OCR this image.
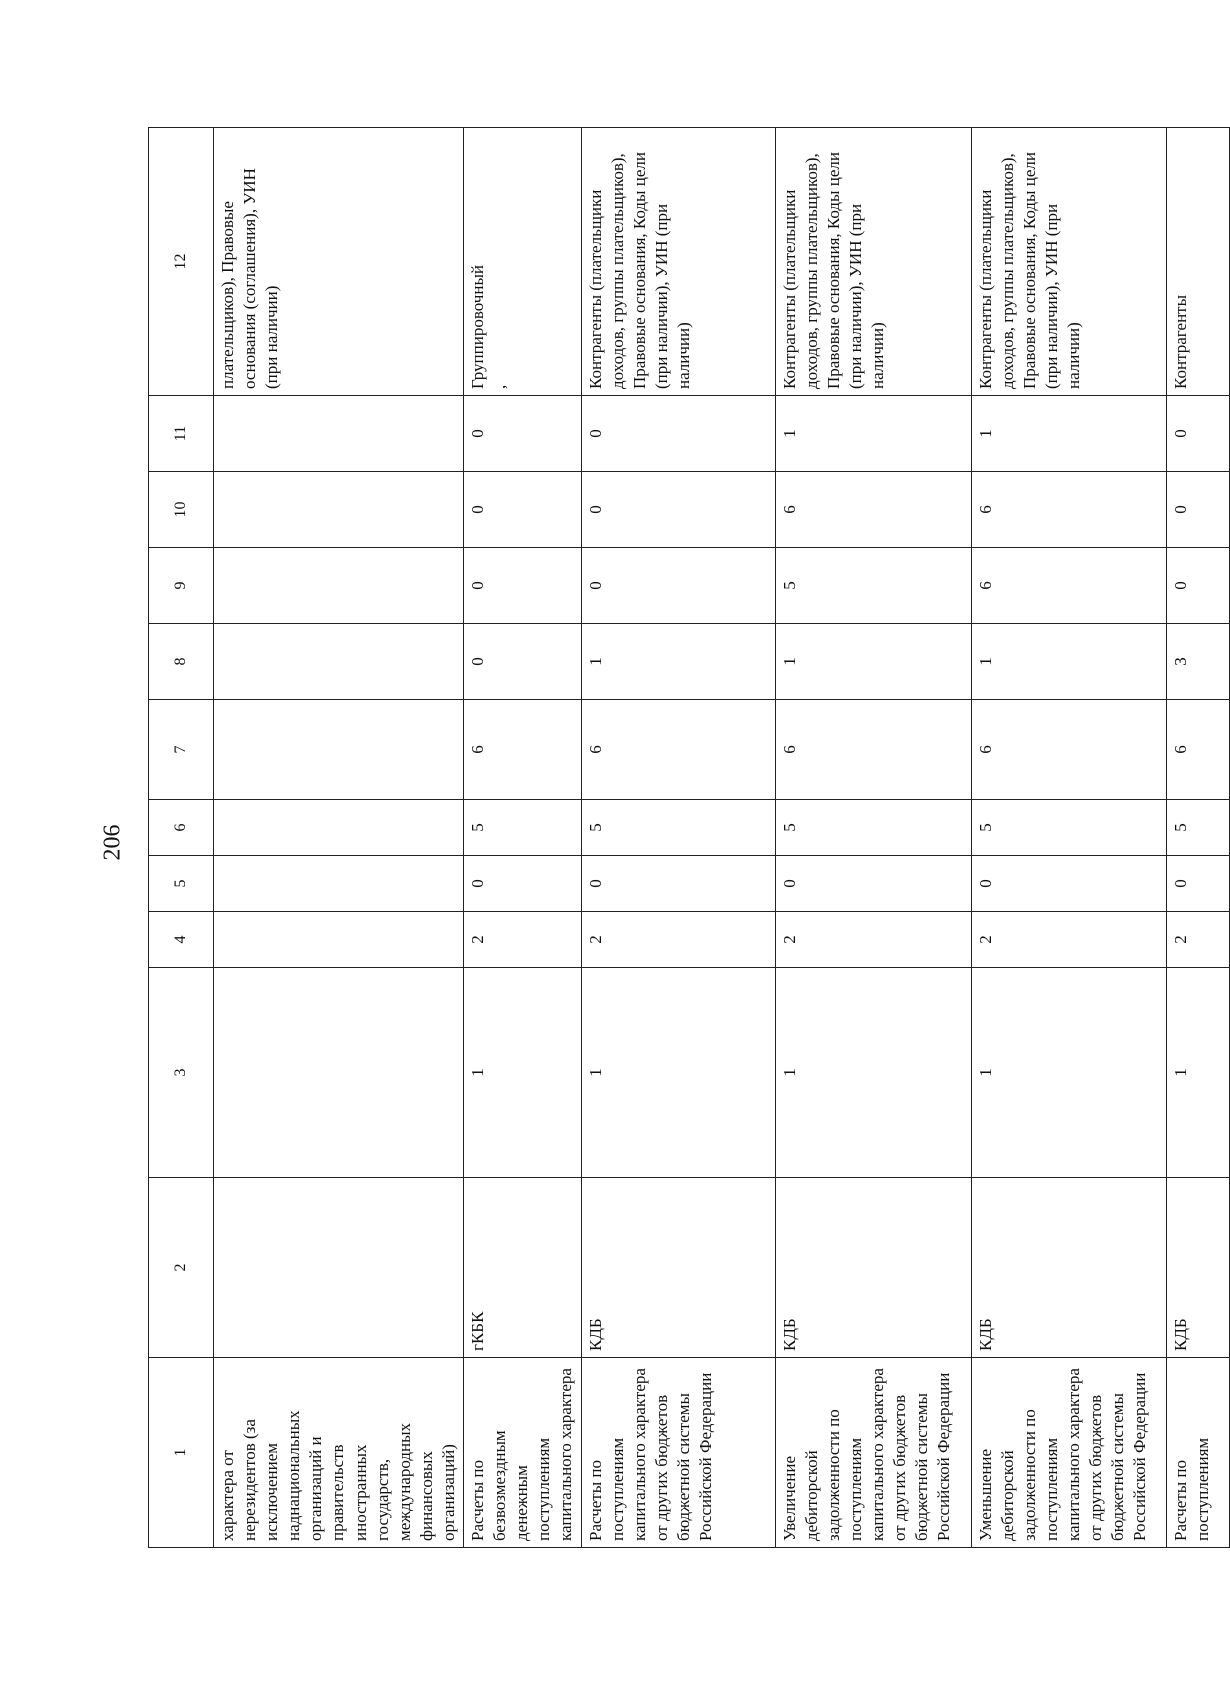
206
1	2	3	4	5	6	7	8	9	10	11	12
характера от нерезидентов (за исключением наднациональных организаций и правительств иностранных государств, международных финансовых организаций)											плательщиков), Правовые основания (соглашения), УИН (при наличии)
Расчеты по безвозмездным денежным поступлениям капитального характера	гКБК	1	2	0	5	6	0	0	0	0	Группировочный ,

Расчеты по поступлениям капитального характера от других бюджетов бюджетной системы Российской Федерации	КДБ	1	2	0	5	6	1	0	0	0	Контрагенты (плательщики доходов, группы плательщиков), Правовые основания, Коды цели (при наличии), УИН (при наличии)
Увеличение дебиторской задолженности по поступлениям капитального характера от других бюджетов бюджетной системы Российской Федерации	КДБ	1	2	0	5	6	1	5	6	1	Контрагенты (плательщики доходов, группы плательщиков), Правовые основания, Коды цели (при наличии), УИН (при наличии)
Уменьшение дебиторской задолженности по поступлениям капитального характера от других бюджетов бюджетной системы Российской Федерации	КДБ	1	2	0	5	6	1	6	6	1	Контрагенты (плательщики доходов, группы плательщиков), Правовые основания, Коды цели (при наличии), УИН (при наличии)
Расчеты по поступлениям	КДБ	1	2	0	5	6	3	0	0	0	Контрагенты
